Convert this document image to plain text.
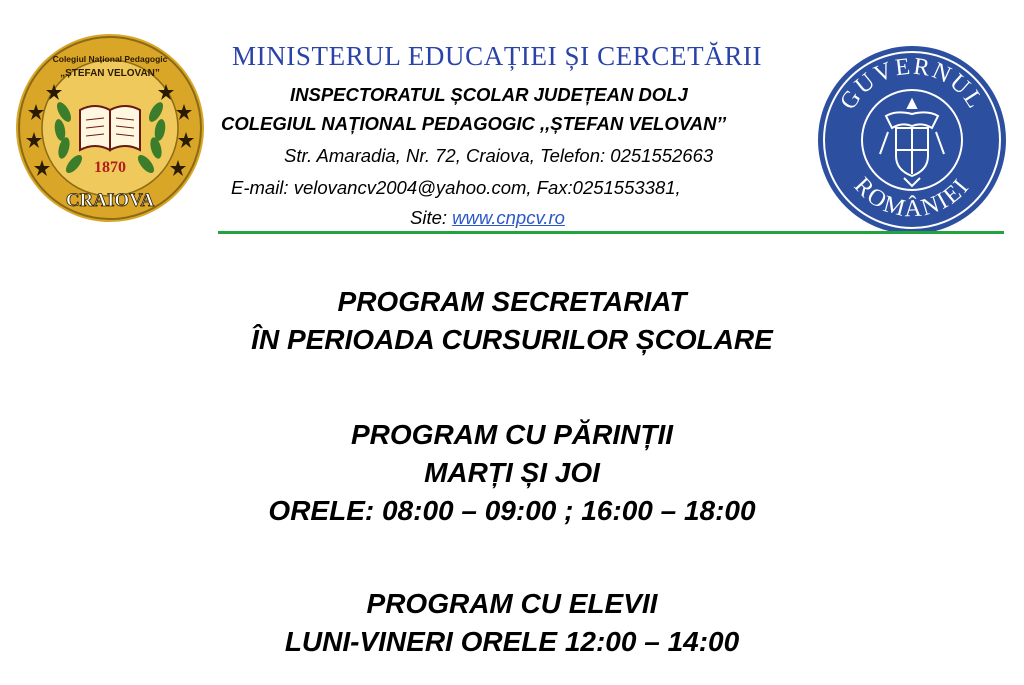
Colegiul Național Pedagogic
„ȘTEFAN VELOVAN”
1870
CRAIOVA
MINISTERUL EDUCAȚIEI ȘI CERCETĂRII
INSPECTORATUL ȘCOLAR JUDEȚEAN DOLJ
COLEGIUL NAȚIONAL PEDAGOGIC ,,ȘTEFAN VELOVAN’’
Str. Amaradia, Nr. 72, Craiova, Telefon: 0251552663
E-mail: velovancv2004@yahoo.com, Fax:0251553381,
Site: www.cnpcv.ro
GUVERNUL
ROMÂNIEI
PROGRAM SECRETARIAT
ÎN PERIOADA CURSURILOR ȘCOLARE
PROGRAM CU PĂRINȚII
MARȚI ȘI JOI
ORELE: 08:00 – 09:00 ; 16:00 – 18:00
PROGRAM CU ELEVII
LUNI-VINERI ORELE 12:00 – 14:00
